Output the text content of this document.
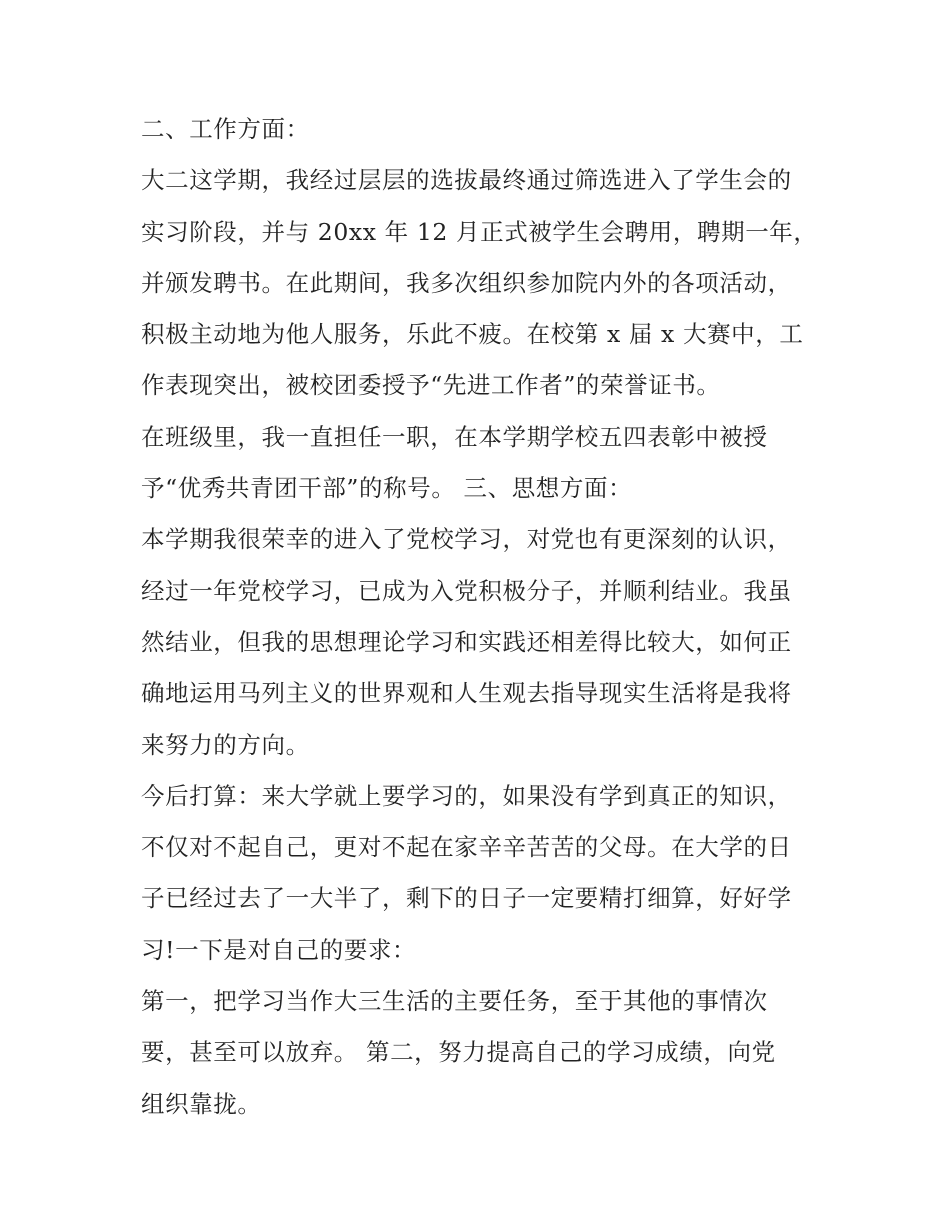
二、工作方面：
大二这学期，我经过层层的选拔最终通过筛选进入了学生会的
实习阶段，并与 20xx 年 12 月正式被学生会聘用，聘期一年，
并颁发聘书。在此期间，我多次组织参加院内外的各项活动，
积极主动地为他人服务，乐此不疲。在校第 x 届 x 大赛中，工
作表现突出，被校团委授予“先进工作者”的荣誉证书。
在班级里，我一直担任一职，在本学期学校五四表彰中被授
予“优秀共青团干部”的称号。 三、思想方面：
本学期我很荣幸的进入了党校学习，对党也有更深刻的认识，
经过一年党校学习，已成为入党积极分子，并顺利结业。我虽
然结业，但我的思想理论学习和实践还相差得比较大，如何正
确地运用马列主义的世界观和人生观去指导现实生活将是我将
来努力的方向。
今后打算：来大学就上要学习的，如果没有学到真正的知识，
不仅对不起自己，更对不起在家辛辛苦苦的父母。在大学的日
子已经过去了一大半了，剩下的日子一定要精打细算，好好学
习!一下是对自己的要求：
第一，把学习当作大三生活的主要任务，至于其他的事情次
要，甚至可以放弃。 第二，努力提高自己的学习成绩，向党
组织靠拢。
